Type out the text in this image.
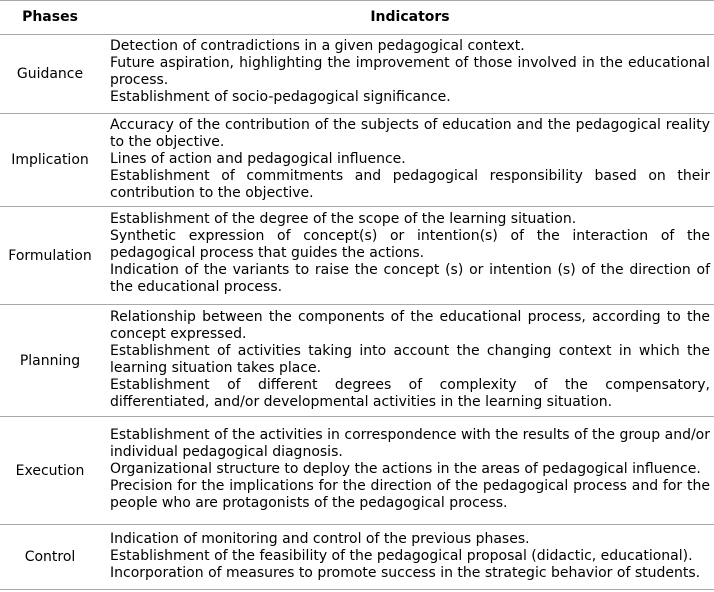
Phases	Indicators
Guidance
Detection of contradictions in a given pedagogical context.
Future aspiration, highlighting the improvement of those involved in the educational process.
Establishment of socio-pedagogical significance.
Implication
Accuracy of the contribution of the subjects of education and the pedagogical reality to the objective.
Lines of action and pedagogical influence.
Establishment of commitments and pedagogical responsibility based on their contribution to the objective.
Formulation
Establishment of the degree of the scope of the learning situation.
Synthetic expression of concept(s) or intention(s) of the interaction of the pedagogical process that guides the actions.
Indication of the variants to raise the concept (s) or intention (s) of the direction of the educational process.
Planning
Relationship between the components of the educational process, according to the concept expressed.
Establishment of activities taking into account the changing context in which the learning situation takes place.
Establishment of different degrees of complexity of the compensatory, differentiated, and/or developmental activities in the learning situation.
Execution
Establishment of the activities in correspondence with the results of the group and/or individual pedagogical diagnosis.
Organizational structure to deploy the actions in the areas of pedagogical influence.
Precision for the implications for the direction of the pedagogical process and for the people who are protagonists of the pedagogical process.
Control
Indication of monitoring and control of the previous phases.
Establishment of the feasibility of the pedagogical proposal (didactic, educational).
Incorporation of measures to promote success in the strategic behavior of students.
